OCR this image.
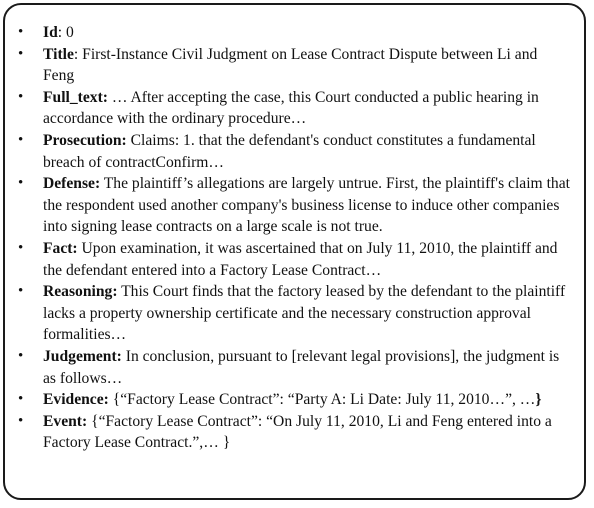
• Id: 0
• Title: First-Instance Civil Judgment on Lease Contract Dispute between Li and Feng
• Full_text: … After accepting the case, this Court conducted a public hearing in accordance with the ordinary procedure…
• Prosecution: Claims: 1. that the defendant's conduct constitutes a fundamental breach of contractConfirm…
• Defense: The plaintiff’s allegations are largely untrue. First, the plaintiff's claim that the respondent used another company's business license to induce other companies into signing lease contracts on a large scale is not true.
• Fact: Upon examination, it was ascertained that on July 11, 2010, the plaintiff and the defendant entered into a Factory Lease Contract…
• Reasoning: This Court finds that the factory leased by the defendant to the plaintiff lacks a property ownership certificate and the necessary construction approval formalities…
• Judgement: In conclusion, pursuant to [relevant legal provisions], the judgment is as follows…
• Evidence: {“Factory Lease Contract”: “Party A: Li Date: July 11, 2010…”, …}
• Event: {“Factory Lease Contract”: “On July 11, 2010, Li and Feng entered into a Factory Lease Contract.”,… }
